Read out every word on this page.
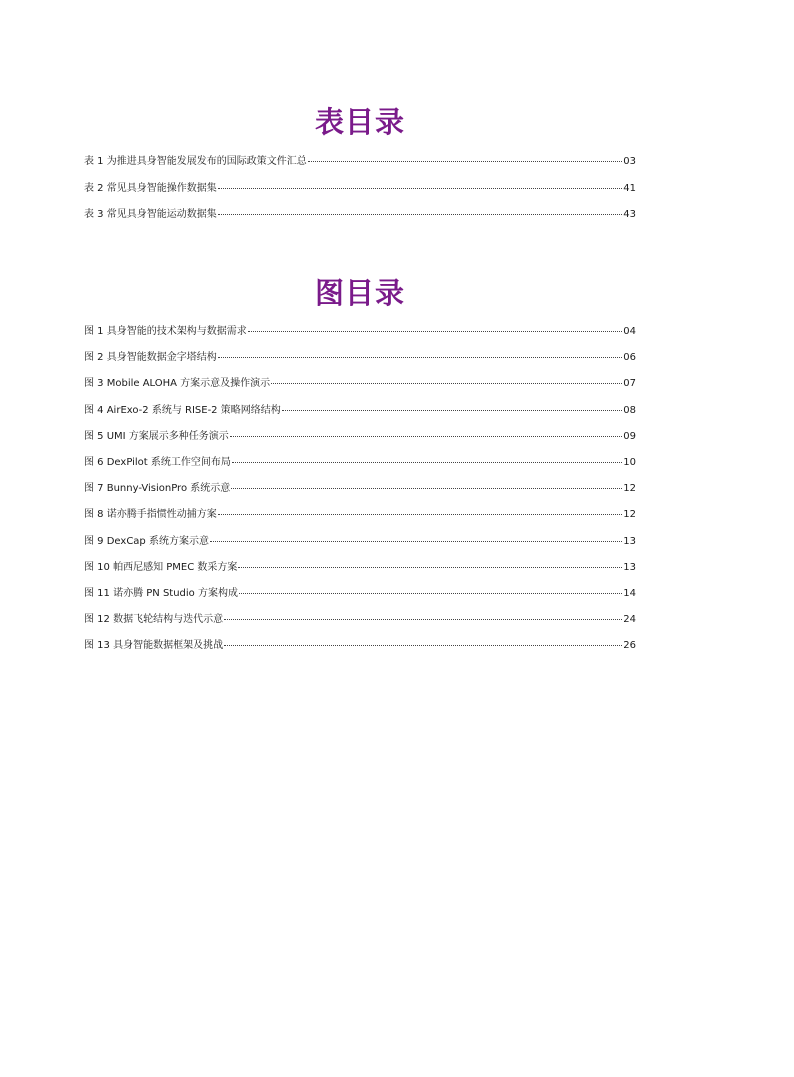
表目录
表 1 为推进具身智能发展发布的国际政策文件汇总	03
表 2 常见具身智能操作数据集	41
表 3 常见具身智能运动数据集	43
图目录
图 1 具身智能的技术架构与数据需求	04
图 2 具身智能数据金字塔结构	06
图 3 Mobile ALOHA 方案示意及操作演示	07
图 4 AirExo-2 系统与 RISE-2 策略网络结构	08
图 5 UMI 方案展示多种任务演示	09
图 6 DexPilot 系统工作空间布局	10
图 7 Bunny-VisionPro 系统示意	12
图 8 诺亦腾手指惯性动捕方案	12
图 9 DexCap 系统方案示意	13
图 10 帕西尼感知 PMEC 数采方案	13
图 11 诺亦腾 PN Studio 方案构成	14
图 12 数据飞轮结构与迭代示意	24
图 13 具身智能数据框架及挑战	26
